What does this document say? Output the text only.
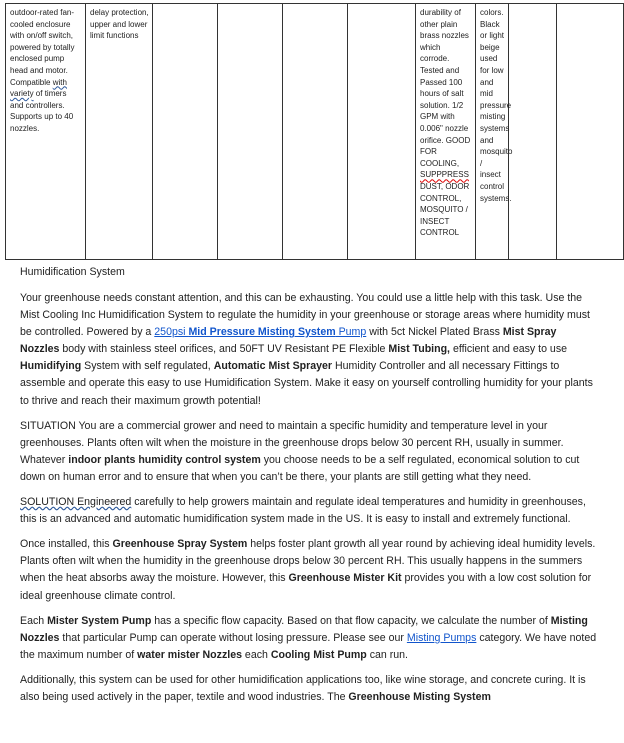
outdoor-rated fan-cooled enclosure with on/off switch, powered by totally enclosed pump head and motor. Compatible with variety of timers and controllers. Supports up to 40 nozzles.	delay protection, upper and lower limit functions					durability of other plain brass nozzles which corrode. Tested and Passed 100 hours of salt solution. 1/2 GPM with 0.006" nozzle orifice. GOOD FOR COOLING, SUPPPRESS DUST, ODOR CONTROL, MOSQUITO / INSECT CONTROL	colors. Black or light beige used for low and mid pressure misting systems and mosquito / insect control systems.		
Humidification System

Your greenhouse needs constant attention, and this can be exhausting. You could use a little help with this task. Use the Mist Cooling Inc Humidification System to regulate the humidity in your greenhouse or storage areas where humidity must be controlled. Powered by a 250psi Mid Pressure Misting System Pump with 5ct Nickel Plated Brass Mist Spray Nozzles body with stainless steel orifices, and 50FT UV Resistant PE Flexible Mist Tubing, efficient and easy to use Humidifying System with self regulated, Automatic Mist Sprayer Humidity Controller and all necessary Fittings to assemble and operate this easy to use Humidification System. Make it easy on yourself controlling humidity for your plants to thrive and reach their maximum growth potential!

SITUATION You are a commercial grower and need to maintain a specific humidity and temperature level in your greenhouses. Plants often wilt when the moisture in the greenhouse drops below 30 percent RH, usually in summer. Whatever indoor plants humidity control system you choose needs to be a self regulated, economical solution to cut down on human error and to ensure that when you can’t be there, your plants are still getting what they need.

SOLUTION Engineered carefully to help growers maintain and regulate ideal temperatures and humidity in greenhouses, this is an advanced and automatic humidification system made in the US. It is easy to install and extremely functional.

Once installed, this Greenhouse Spray System helps foster plant growth all year round by achieving ideal humidity levels. Plants often wilt when the humidity in the greenhouse drops below 30 percent RH. This usually happens in the summers when the heat absorbs away the moisture. However, this Greenhouse Mister Kit provides you with a low cost solution for ideal greenhouse climate control.

Each Mister System Pump has a specific flow capacity. Based on that flow capacity, we calculate the number of Misting Nozzles that particular Pump can operate without losing pressure. Please see our Misting Pumps category. We have noted the maximum number of water mister Nozzles each Cooling Mist Pump can run.

Additionally, this system can be used for other humidification applications too, like wine storage, and concrete curing. It is also being used actively in the paper, textile and wood industries. The Greenhouse Misting System
